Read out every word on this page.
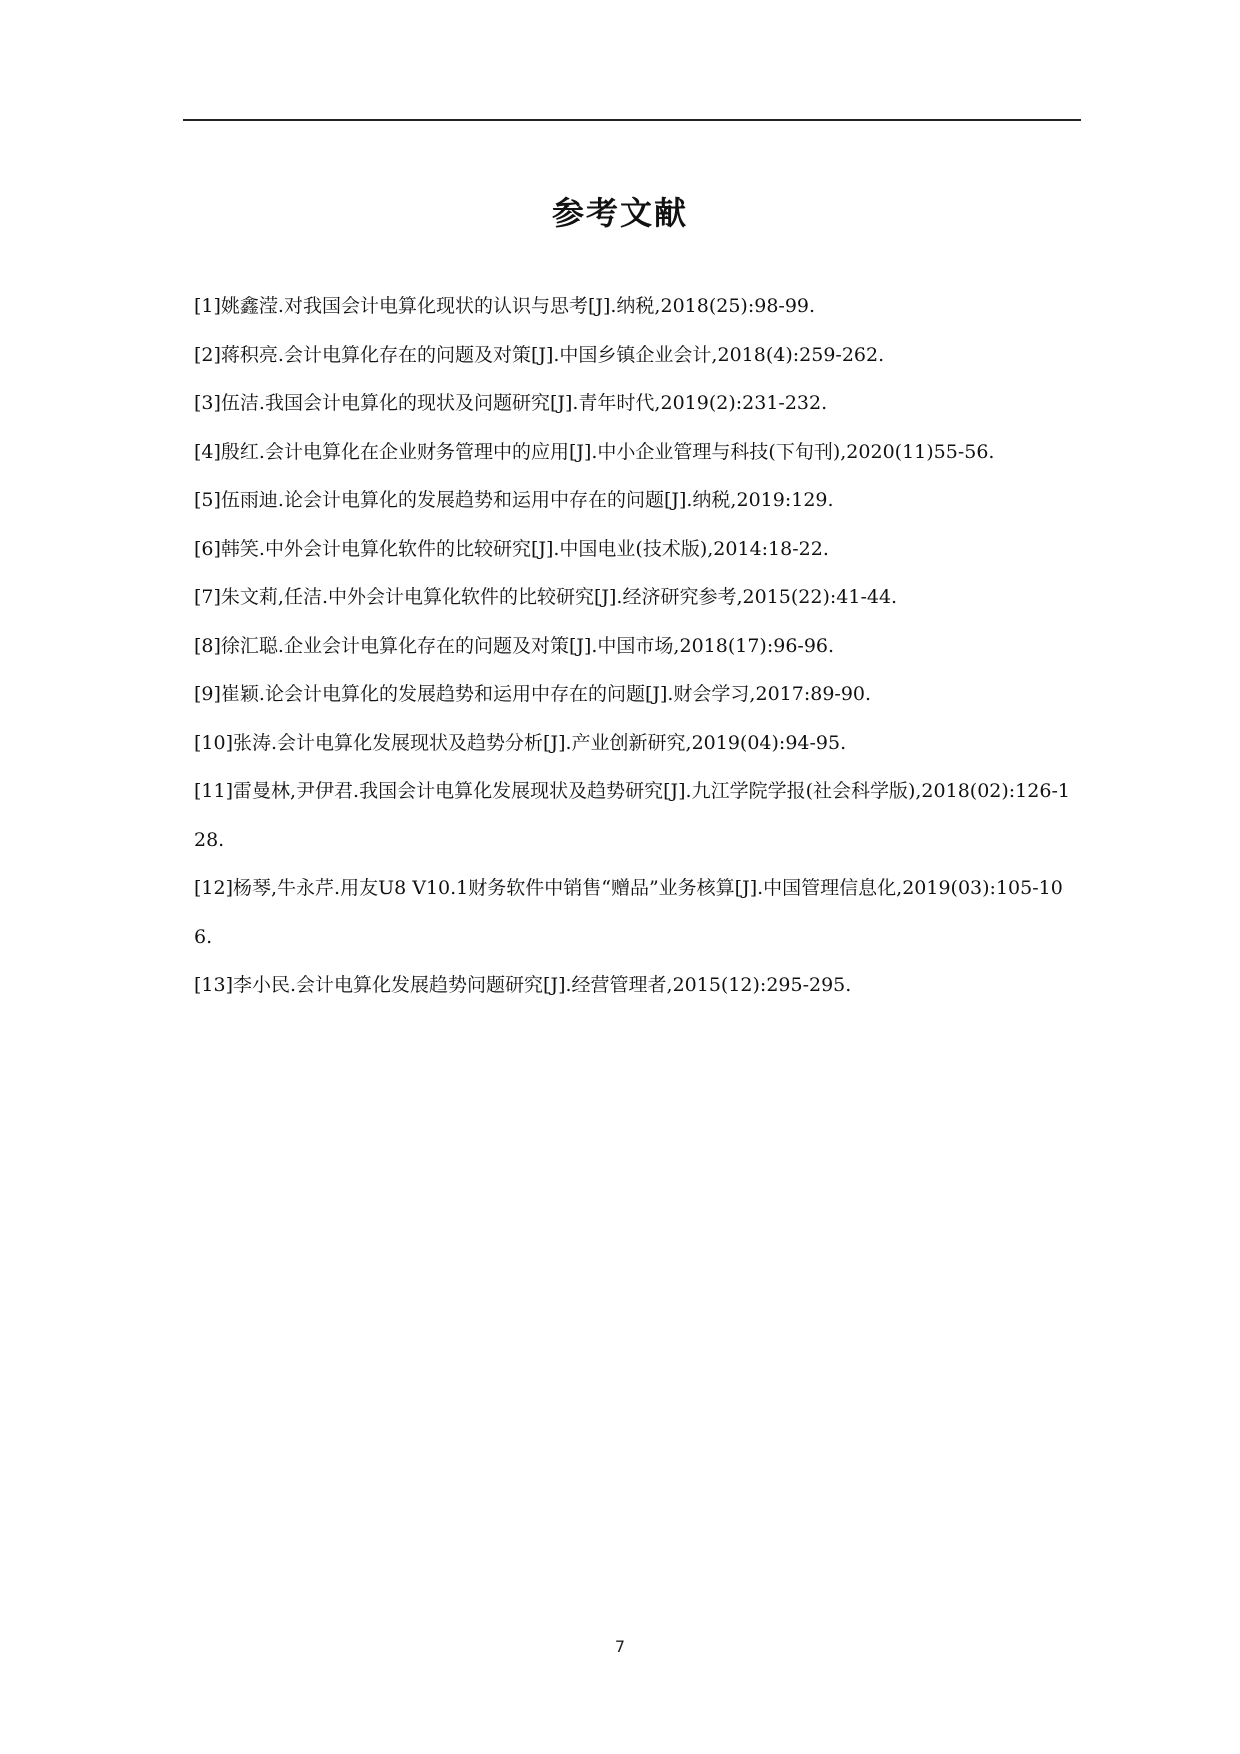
参考文献
[1]姚鑫滢.对我国会计电算化现状的认识与思考[J].纳税,2018(25):98-99.
[2]蒋积亮.会计电算化存在的问题及对策[J].中国乡镇企业会计,2018(4):259-262.
[3]伍洁.我国会计电算化的现状及问题研究[J].青年时代,2019(2):231-232.
[4]殷红.会计电算化在企业财务管理中的应用[J].中小企业管理与科技(下旬刊),2020(11)55-56.
[5]伍雨迪.论会计电算化的发展趋势和运用中存在的问题[J].纳税,2019:129.
[6]韩笑.中外会计电算化软件的比较研究[J].中国电业(技术版),2014:18-22.
[7]朱文莉,任洁.中外会计电算化软件的比较研究[J].经济研究参考,2015(22):41-44.
[8]徐汇聪.企业会计电算化存在的问题及对策[J].中国市场,2018(17):96-96.
[9]崔颖.论会计电算化的发展趋势和运用中存在的问题[J].财会学习,2017:89-90.
[10]张涛.会计电算化发展现状及趋势分析[J].产业创新研究,2019(04):94-95.
[11]雷曼林,尹伊君.我国会计电算化发展现状及趋势研究[J].九江学院学报(社会科学版),2018(02):126-128.
[12]杨琴,牛永芹.用友U8 V10.1财务软件中销售“赠品”业务核算[J].中国管理信息化,2019(03):105-106.
[13]李小民.会计电算化发展趋势问题研究[J].经营管理者,2015(12):295-295.
7
